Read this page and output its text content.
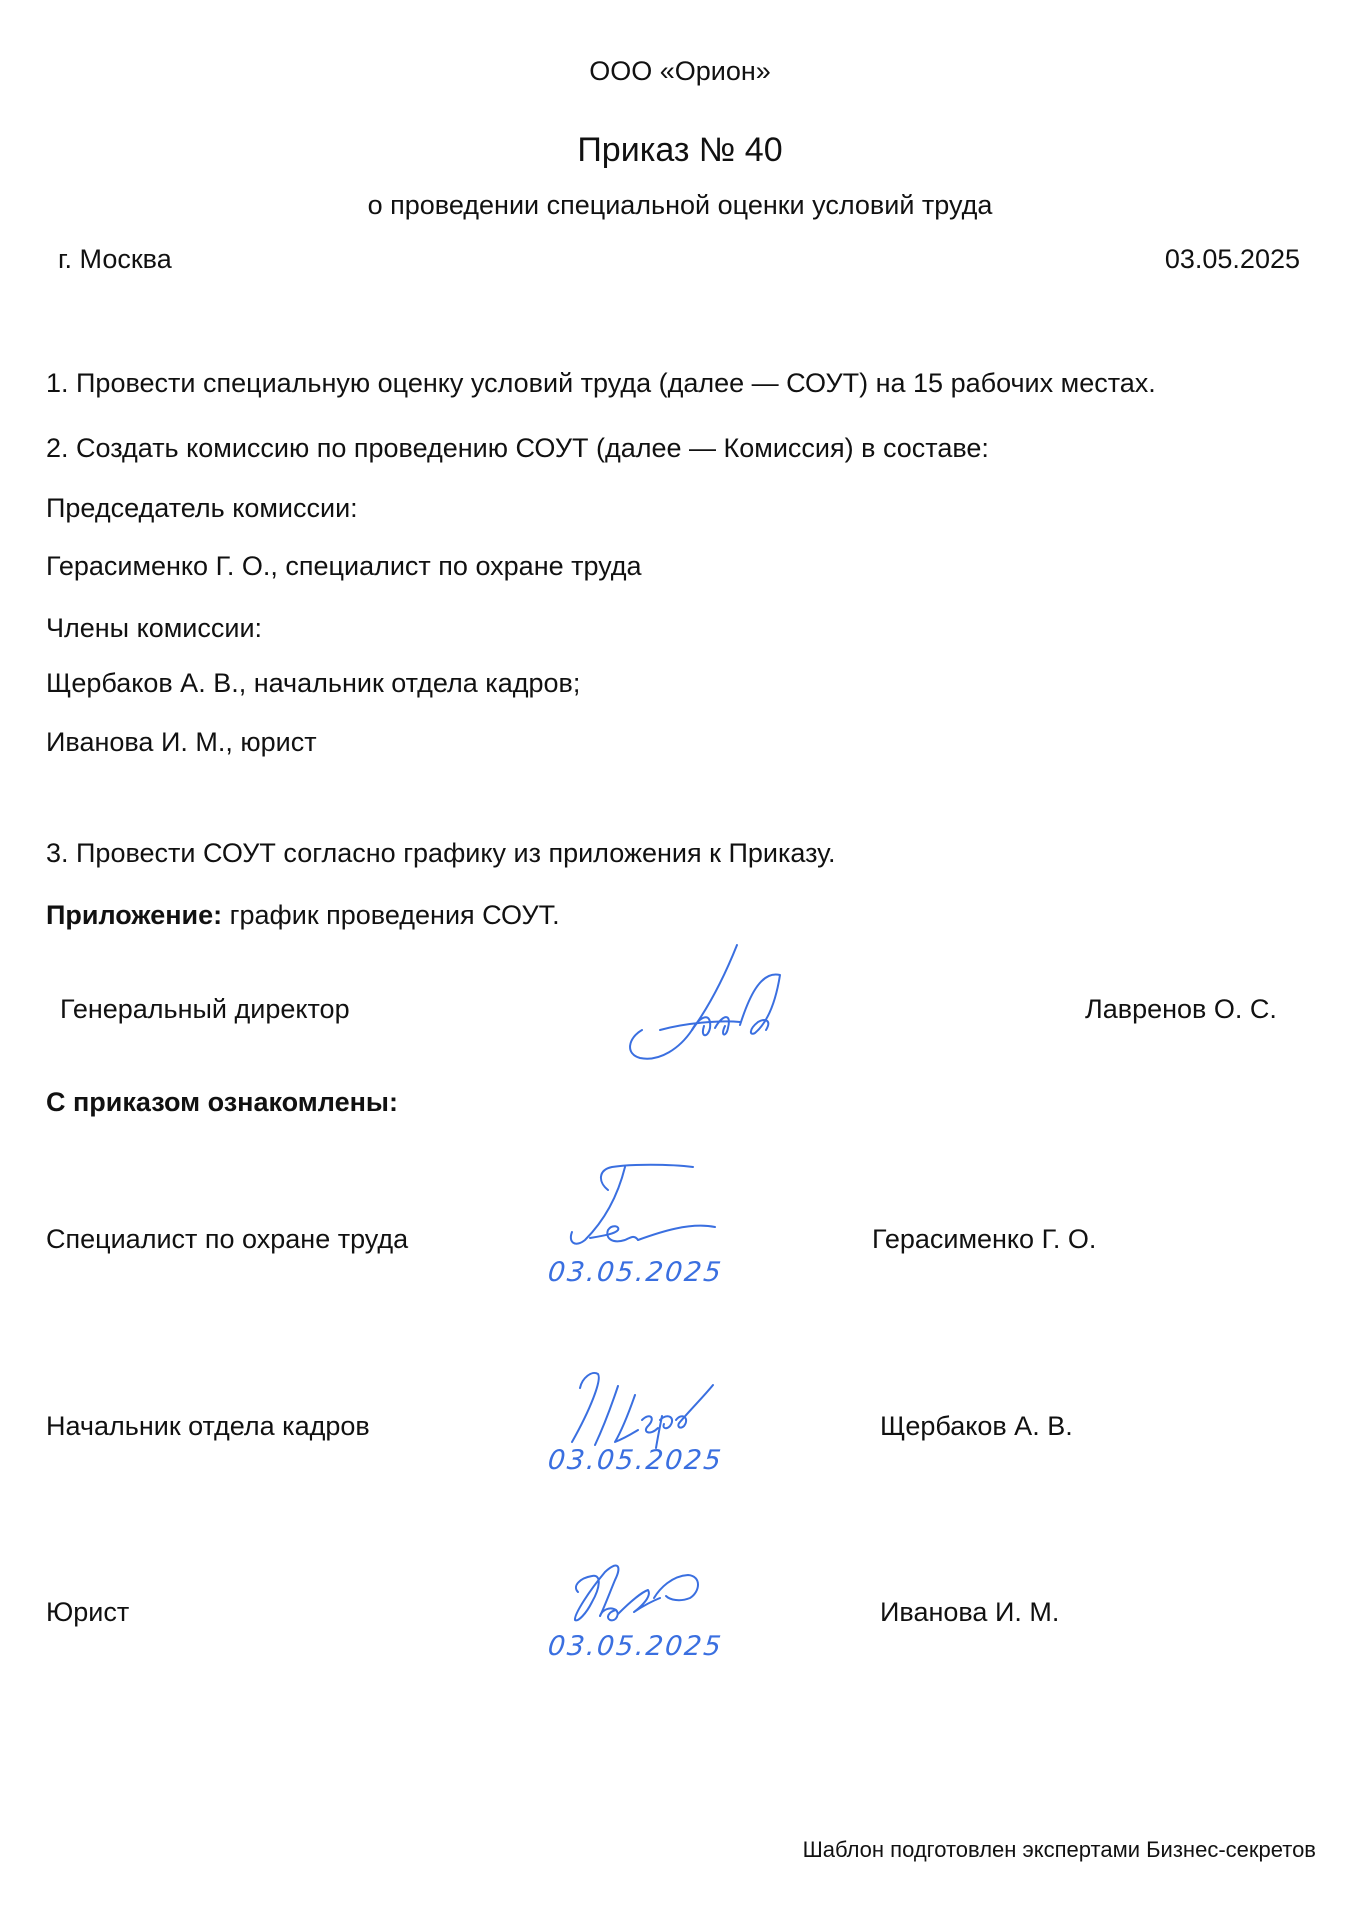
ООО «Орион»
Приказ № 40
о проведении специальной оценки условий труда
г. Москва	03.05.2025
1. Провести специальную оценку условий труда (далее — СОУТ) на 15 рабочих местах.
2. Создать комиссию по проведению СОУТ (далее — Комиссия) в составе:
Председатель комиссии:
Герасименко Г. О., специалист по охране труда
Члены комиссии:
Щербаков А. В., начальник отдела кадров;
Иванова И. М., юрист
3. Провести СОУТ согласно графику из приложения к Приказу.
Приложение: график проведения СОУТ.
Генеральный директор	Лавренов О. С.
С приказом ознакомлены:
Специалист по охране труда
03.05.2025
Герасименко Г. О.
Начальник отдела кадров
03.05.2025
Щербаков А. В.
Юрист
03.05.2025
Иванова И. М.
Шаблон подготовлен экспертами Бизнес-секретов
